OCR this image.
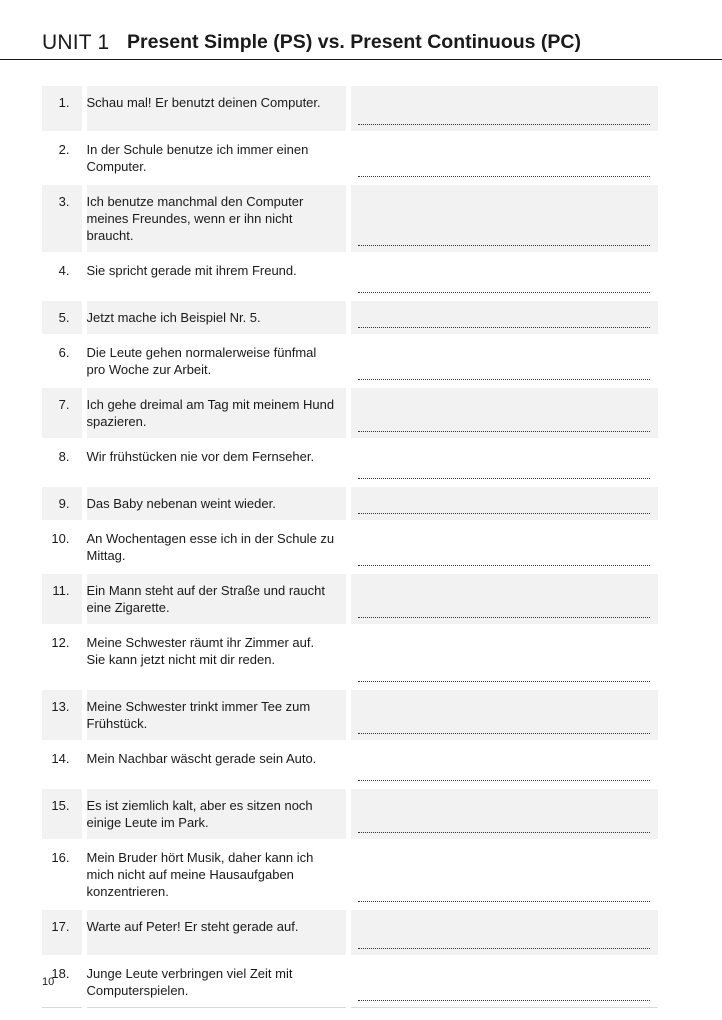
UNIT 1 Present Simple (PS) vs. Present Continuous (PC)
1.	Schau mal! Er benutzt deinen Computer.	

2.	In der Schule benutze ich immer einen Computer.	

3.	Ich benutze manchmal den Computer meines Freundes, wenn er ihn nicht braucht.	

4.	Sie spricht gerade mit ihrem Freund.	

5.	Jetzt mache ich Beispiel Nr. 5.	

6.	Die Leute gehen normalerweise fünfmal pro Woche zur Arbeit.	

7.	Ich gehe dreimal am Tag mit meinem Hund spazieren.	

8.	Wir frühstücken nie vor dem Fernseher.	

9.	Das Baby nebenan weint wieder.	

10.	An Wochentagen esse ich in der Schule zu Mittag.	

11.	Ein Mann steht auf der Straße und raucht eine Zigarette.	

12.	Meine Schwester räumt ihr Zimmer auf. Sie kann jetzt nicht mit dir reden.	

13.	Meine Schwester trinkt immer Tee zum Frühstück.	

14.	Mein Nachbar wäscht gerade sein Auto.	

15.	Es ist ziemlich kalt, aber es sitzen noch einige Leute im Park.	

16.	Mein Bruder hört Musik, daher kann ich mich nicht auf meine Hausaufgaben konzentrieren.	

17.	Warte auf Peter! Er steht gerade auf.	

18.	Junge Leute verbringen viel Zeit mit Computerspielen.	

10
